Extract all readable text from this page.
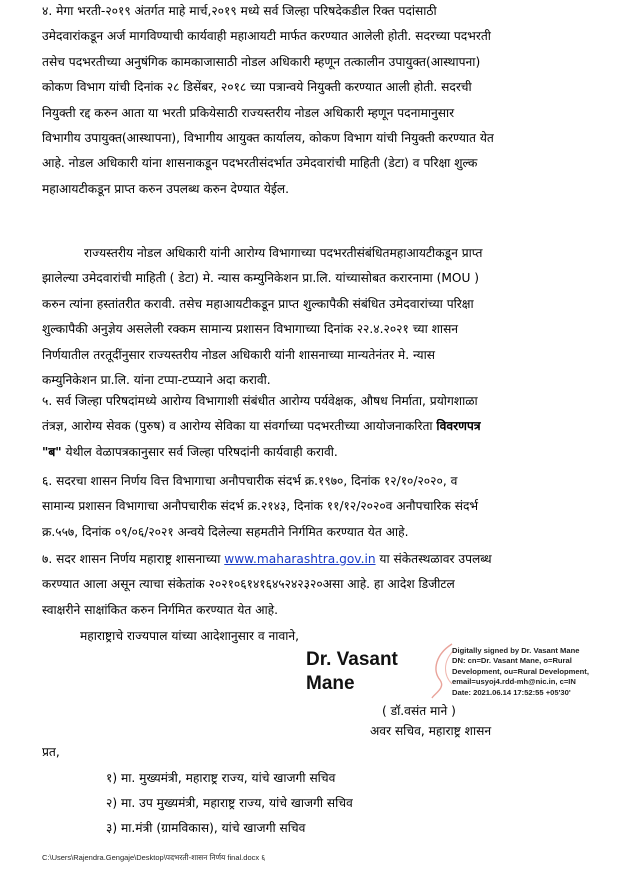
४. मेगा भरती-२०१९ अंतर्गत माहे मार्च,२०१९ मध्ये सर्व जिल्हा परिषदेकडील रिक्त पदांसाठी
उमेदवारांकडून अर्ज मागविण्याची कार्यवाही महाआयटी मार्फत करण्यात आलेली होती. सदरच्या पदभरती
तसेच पदभरतीच्या अनुषंगिक कामकाजासाठी नोडल अधिकारी म्हणून तत्कालीन उपायुक्त(आस्थापना)
कोकण विभाग यांची दिनांक २८ डिसेंबर, २०१८ च्या पत्रान्वये नियुक्ती करण्यात आली होती. सदरची
नियुक्ती रद्द करुन आता या भरती प्रकियेसाठी राज्यस्तरीय नोडल अधिकारी म्हणून पदनामानुसार
विभागीय उपायुक्त(आस्थापना), विभागीय आयुक्त कार्यालय, कोकण विभाग यांची नियुक्ती करण्यात येत
आहे. नोडल अधिकारी यांना शासनाकडून पदभरतीसंदर्भात उमेदवारांची माहिती (डेटा) व परिक्षा शुल्क
महाआयटीकडून प्राप्त करुन उपलब्ध करुन देण्यात येईल.
राज्यस्तरीय नोडल अधिकारी यांनी आरोग्य विभागाच्या पदभरतीसंबंधितमहाआयटीकडून प्राप्त
झालेल्या उमेदवारांची माहिती ( डेटा) मे. न्यास कम्युनिकेशन प्रा.लि. यांच्यासोबत करारनामा (MOU )
करुन त्यांना हस्तांतरीत करावी. तसेच महाआयटीकडून प्राप्त शुल्कापैकी संबंधित उमेदवारांच्या परिक्षा
शुल्कापैकी अनुज्ञेय असलेली रक्कम सामान्य प्रशासन विभागाच्या दिनांक २२.४.२०२१ च्या शासन
निर्णयातील तरतूदींनुसार राज्यस्तरीय नोडल अधिकारी यांनी शासनाच्या मान्यतेनंतर मे. न्यास
कम्युनिकेशन प्रा.लि. यांना टप्पा-टप्प्याने अदा करावी.
५. सर्व जिल्हा परिषदांमध्ये आरोग्य विभागाशी संबंधीत आरोग्य पर्यवेक्षक, औषध निर्माता, प्रयोगशाळा
तंत्रज्ञ, आरोग्य सेवक (पुरुष) व आरोग्य सेविका या संवर्गाच्या पदभरतीच्या आयोजनाकरिता विवरणपत्र
"ब" येथील वेळापत्रकानुसार सर्व जिल्हा परिषदांनी कार्यवाही करावी.
६. सदरचा शासन निर्णय वित्त विभागाचा अनौपचारीक संदर्भ क्र.१९७०, दिनांक १२/१०/२०२०, व
सामान्य प्रशासन विभागाचा अनौपचारीक संदर्भ क्र.२१४३, दिनांक ११/१२/२०२०व अनौपचारिक संदर्भ
क्र.५५७, दिनांक ०९/०६/२०२१ अन्वये दिलेल्या सहमतीने निर्गमित करण्यात येत आहे.
७. सदर शासन निर्णय महाराष्ट्र शासनाच्या www.maharashtra.gov.in या संकेतस्थळावर उपलब्ध
करण्यात आला असून त्याचा संकेतांक २०२१०६१४१६४५२४२३२०असा आहे. हा आदेश डिजीटल
स्वाक्षरीने साक्षांकित करुन निर्गमित करण्यात येत आहे.
महाराष्ट्राचे राज्यपाल यांच्या आदेशानुसार व नावाने,
Dr. Vasant
Mane
Digitally signed by Dr. Vasant Mane
DN: cn=Dr. Vasant Mane, o=Rural
Development, ou=Rural Development,
email=usyoj4.rdd-mh@nic.in, c=IN
Date: 2021.06.14 17:52:55 +05'30'
( डॉ.वसंत माने )
अवर सचिव, महाराष्ट्र शासन
प्रत,
१) मा. मुख्यमंत्री, महाराष्ट्र राज्य, यांचे खाजगी सचिव
२) मा. उप मुख्यमंत्री, महाराष्ट्र राज्य, यांचे खाजगी सचिव
३) मा.मंत्री (ग्रामविकास), यांचे खाजगी सचिव
C:\Users\Rajendra.Gengaje\Desktop\पदभरती-शासन निर्णय final.docx ६
